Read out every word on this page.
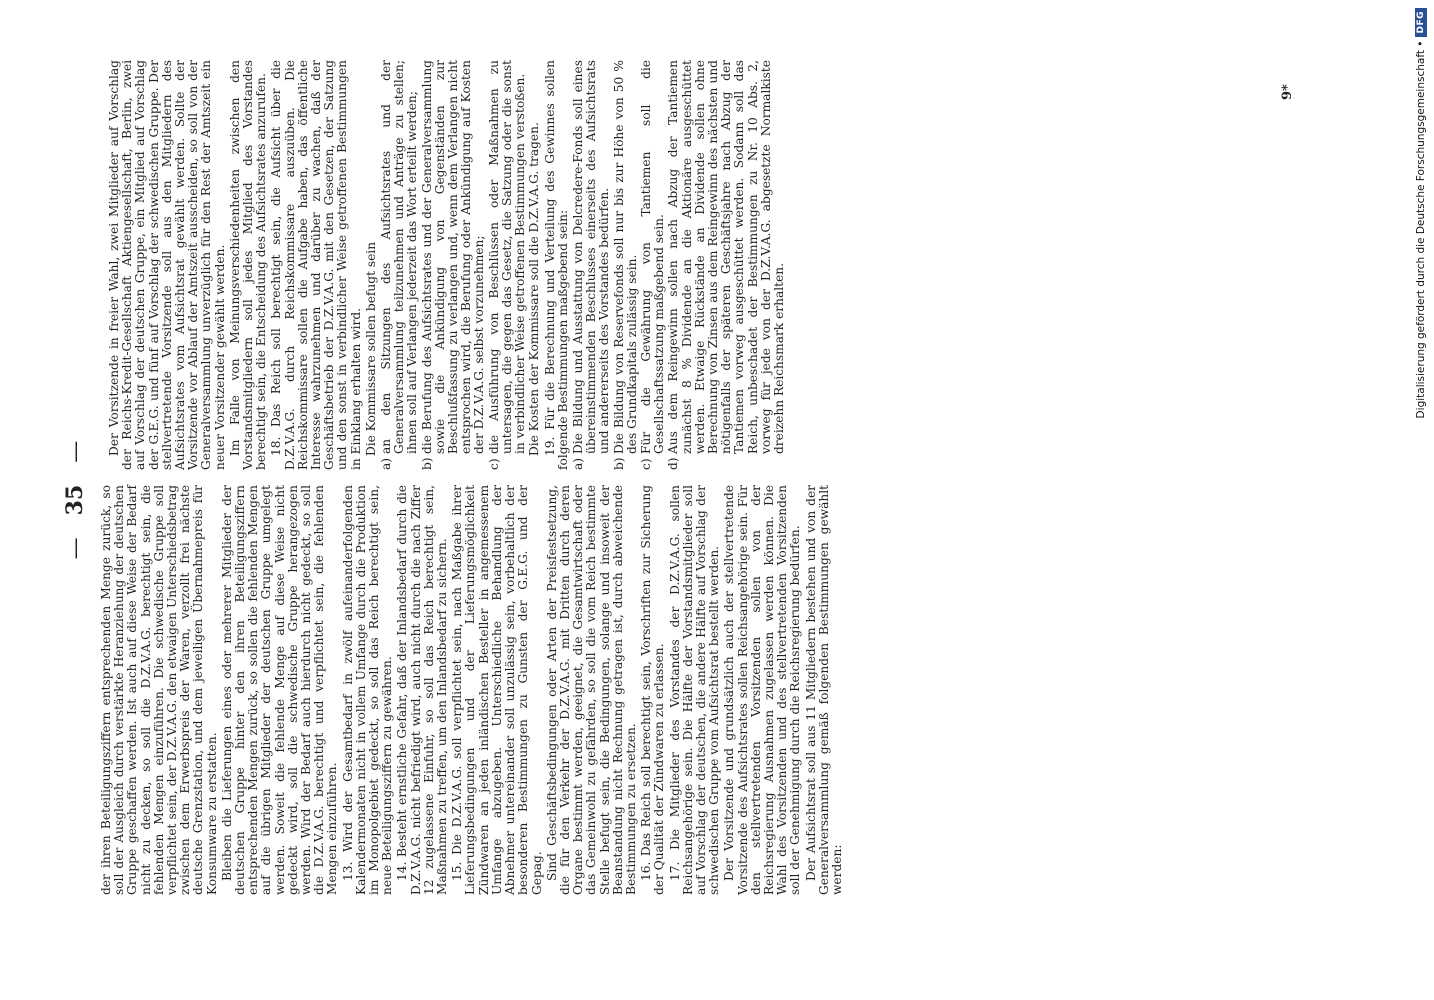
—
35
—

der ihren Beteiligungsziffern entsprechenden Menge zurück, so soll der Ausgleich durch verstärkte Heranziehung der deutschen Gruppe geschaffen werden. Ist auch auf diese Weise der Bedarf nicht zu decken, so soll die D.Z.V.A.G. berechtigt sein, die fehlenden Mengen einzuführen. Die schwedische Gruppe soll verpflichtet sein, der D.Z.V.A.G. den etwaigen Unterschiedsbetrag zwischen dem Erwerbspreis der Waren, verzollt frei nächste deutsche Grenzstation, und dem jeweiligen Übernahmepreis für Konsumware zu erstatten. Bleiben die Lieferungen eines oder mehrerer Mitglieder der deutschen Gruppe hinter den ihren Beteiligungsziffern entsprechenden Mengen zurück, so sollen die fehlenden Mengen auf die übrigen Mitglieder der deutschen Gruppe umgelegt werden. Soweit die fehlende Menge auf diese Weise nicht gedeckt wird, soll die schwedische Gruppe herangezogen werden. Wird der Bedarf auch hierdurch nicht gedeckt, so soll die D.Z.V.A.G. berechtigt und verpflichtet sein, die fehlenden Mengen einzuführen. 13. Wird der Gesamtbedarf in zwölf aufeinanderfolgenden Kalendermonaten nicht in vollem Umfange durch die Produktion im Monopolgebiet gedeckt, so soll das Reich berechtigt sein, neue Beteiligungsziffern zu gewähren. 14. Besteht ernstliche Gefahr, daß der Inlandsbedarf durch die D.Z.V.A.G. nicht befriedigt wird, auch nicht durch die nach Ziffer 12 zugelassene Einfuhr, so soll das Reich berechtigt sein, Maßnahmen zu treffen, um den Inlandsbedarf zu sichern. 15. Die D.Z.V.A.G. soll verpflichtet sein, nach Maßgabe ihrer Lieferungsbedingungen und der Lieferungsmöglichkeit Zündwaren an jeden inländischen Besteller in angemessenem Umfange abzugeben. Unterschiedliche Behandlung der Abnehmer untereinander soll unzulässig sein, vorbehaltlich der besonderen Bestimmungen zu Gunsten der G.E.G. und der Gepag. Sind Geschäftsbedingungen oder Arten der Preisfestsetzung, die für den Verkehr der D.Z.V.A.G. mit Dritten durch deren Organe bestimmt werden, geeignet, die Gesamtwirtschaft oder das Gemeinwohl zu gefährden, so soll die vom Reich bestimmte Stelle befugt sein, die Bedingungen, solange und insoweit der Beanstandung nicht Rechnung getragen ist, durch abweichende Bestimmungen zu ersetzen. 16. Das Reich soll berechtigt sein, Vorschriften zur Sicherung der Qualität der Zündwaren zu erlassen. 17. Die Mitglieder des Vorstandes der D.Z.V.A.G. sollen Reichsangehörige sein. Die Hälfte der Vorstandsmitglieder soll auf Vorschlag der deutschen, die andere Hälfte auf Vorschlag der schwedischen Gruppe vom Aufsichtsrat bestellt werden. Der Vorsitzende und grundsätzlich auch der stellvertretende Vorsitzende des Aufsichtsrates sollen Reichsangehörige sein. Für den stellvertretenden Vorsitzenden sollen von der Reichsregierung Ausnahmen zugelassen werden können. Die Wahl des Vorsitzenden und des stellvertretenden Vorsitzenden soll der Genehmigung durch die Reichsregierung bedürfen. Der Aufsichtsrat soll aus 11 Mitgliedern bestehen und von der Generalversammlung gemäß folgenden Bestimmungen gewählt werden:

Der Vorsitzende in freier Wahl, zwei Mitglieder auf Vorschlag der Reichs-Kredit-Gesellschaft Aktiengesellschaft, Berlin, zwei auf Vorschlag der deutschen Gruppe, ein Mitglied auf Vorschlag der G.E.G. und fünf auf Vorschlag der schwedischen Gruppe. Der stellvertretende Vorsitzende soll aus den Mitgliedern des Aufsichtsrates vom Aufsichtsrat gewählt werden. Sollte der Vorsitzende vor Ablauf der Amtszeit ausscheiden, so soll von der Generalversammlung unverzüglich für den Rest der Amtszeit ein neuer Vorsitzender gewählt werden. Im Falle von Meinungsverschiedenheiten zwischen den Vorstandsmitgliedern soll jedes Mitglied des Vorstandes berechtigt sein, die Entscheidung des Aufsichtsrates anzurufen. 18. Das Reich soll berechtigt sein, die Aufsicht über die D.Z.V.A.G. durch Reichskommissare auszuüben. Die Reichskommissare sollen die Aufgabe haben, das öffentliche Interesse wahrzunehmen und darüber zu wachen, daß der Geschäftsbetrieb der D.Z.V.A.G. mit den Gesetzen, der Satzung und den sonst in verbindlicher Weise getroffenen Bestimmungen in Einklang erhalten wird. Die Kommissare sollen befugt sein

a)
an den Sitzungen des Aufsichtsrates und der Generalversammlung teilzunehmen und Anträge zu stellen; ihnen soll auf Verlangen jederzeit das Wort erteilt werden;
b)
die Berufung des Aufsichtsrates und der Generalversammlung sowie die Ankündigung von Gegenständen zur Beschlußfassung zu verlangen und, wenn dem Verlangen nicht entsprochen wird, die Berufung oder Ankündigung auf Kosten der D.Z.V.A.G. selbst vorzunehmen;
c)
die Ausführung von Beschlüssen oder Maßnahmen zu untersagen, die gegen das Gesetz, die Satzung oder die sonst in verbindlicher Weise getroffenen Bestimmungen verstoßen. Die Kosten der Kommissare soll die D.Z.V.A.G. tragen. 19. Für die Berechnung und Verteilung des Gewinnes sollen folgende Bestimmungen maßgebend sein: a)
Die Bildung und Ausstattung von Delcredere-Fonds soll eines übereinstimmenden Beschlusses einerseits des Aufsichtsrats und andererseits des Vorstandes bedürfen.
b)
Die Bildung von Reservefonds soll nur bis zur Höhe von 50 % des Grundkapitals zulässig sein.
c)
Für die Gewährung von Tantiemen soll die Gesellschaftssatzung maßgebend sein.
d)
Aus dem Reingewinn sollen nach Abzug der Tantiemen zunächst 8 % Dividende an die Aktionäre ausgeschüttet werden. Etwaige Rückstände an Dividende sollen ohne Berechnung von Zinsen aus dem Reingewinn des nächsten und nötigenfalls der späteren Geschäftsjahre nach Abzug der Tantiemen vorweg ausgeschüttet werden. Sodann soll das Reich, unbeschadet der Bestimmungen zu Nr. 10 Abs. 2, vorweg für jede von der D.Z.V.A.G. abgesetzte Normalkiste dreizehn Reichsmark erhalten.
9*	Digitalisierung gefördert durch die Deutsche Forschungsgemeinschaft •
DFG
